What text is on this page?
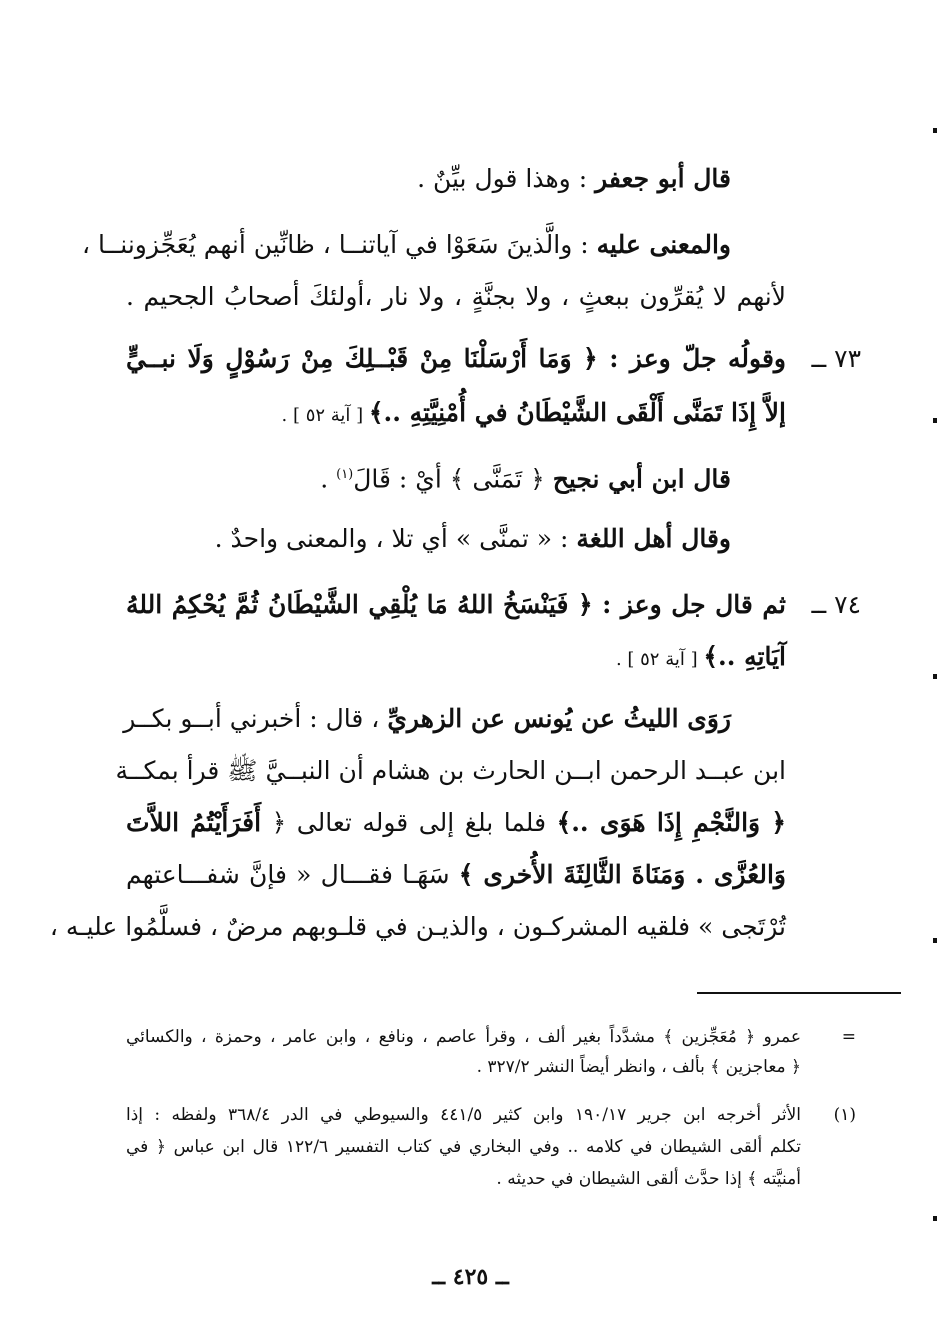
قال أبو جعفر : وهذا قول بيِّنٌ .
والمعنى عليه : والَّذينَ سَعَوْا في آياتنــا ، ظانِّين أنهم يُعَجِّزوننــا ،
لأنهم لا يُقرِّون ببعثٍ ، ولا بجنَّةٍ ، ولا نار ،أولئكَ أصحابُ الجحيم .
٧٣ ــ
وقولُه جلّ وعز : ﴿ وَمَا أَرْسَلْنَا مِنْ قَبْــلِكَ مِنْ رَسُوْلٍ وَلَا نبــيٍّ
إلاَّ إِذَا تَمَنَّى أَلْقَى الشَّيْطَانُ في أُمْنِيَّتِهِ ..﴾ [ آية ٥٢ ] .
قال ابن أبي نجيح ﴿ تَمَنَّى ﴾ أيْ : قَالَ$^{(١)}$ .
وقال أهل اللغة : « تمنَّى » أي تلا ، والمعنى واحدٌ .
٧٤ ــ
ثم قال جل وعز : ﴿ فَيَنْسَخُ اللهُ مَا يُلْقِي الشَّيْطَانُ ثُمَّ يُحْكِمُ اللهُ
آيَاتِهِ ..﴾ [ آية ٥٢ ] .
رَوَى الليثُ عن يُونس عن الزهريِّ ، قال : أخبرني أبــو بكــر
ابن عبــد الرحمن ابــن الحارث بن هشام أن النبــيَّ ﷺ قرأ بمكــة
﴿ وَالنَّجْمِ إِذَا هَوَى ..﴾ فلما بلغ إلى قوله تعالى ﴿ أَفَرَأَيْتُمُ اللاَّتَ
وَالعُزَّى . وَمَنَاةَ الثَّالِثَةَ الأُخرى ﴾ سَهَـا فقـــال « فإنَّ شفـــاعتهم
تُرْتَجى » فلقيه المشركـون ، والذيـن في قلـوبهم مرضٌ ، فسلَّمُوا عليـه ،
=
عمرو ﴿ مُعَجِّزين ﴾ مشدَّداً بغير ألف ، وقرأ عاصم ، ونافع ، وابن عامر ، وحمزة ، والكسائي
﴿ معاجزين ﴾ بألف ، وانظر أيضاً النشر ٣٢٧/٢ .
(١)
الأثر أخرجه ابن جرير ١٩٠/١٧ وابن كثير ٤٤١/٥ والسيوطي في الدر ٣٦٨/٤ ولفظه : إذا
تكلم ألقى الشيطان في كلامه .. وفي البخاري في كتاب التفسير ١٢٢/٦ قال ابن عباس ﴿ في
أمنيَّته ﴾ إذا حدَّث ألقى الشيطان في حديثه .
ــ ٤٢٥ ــ
